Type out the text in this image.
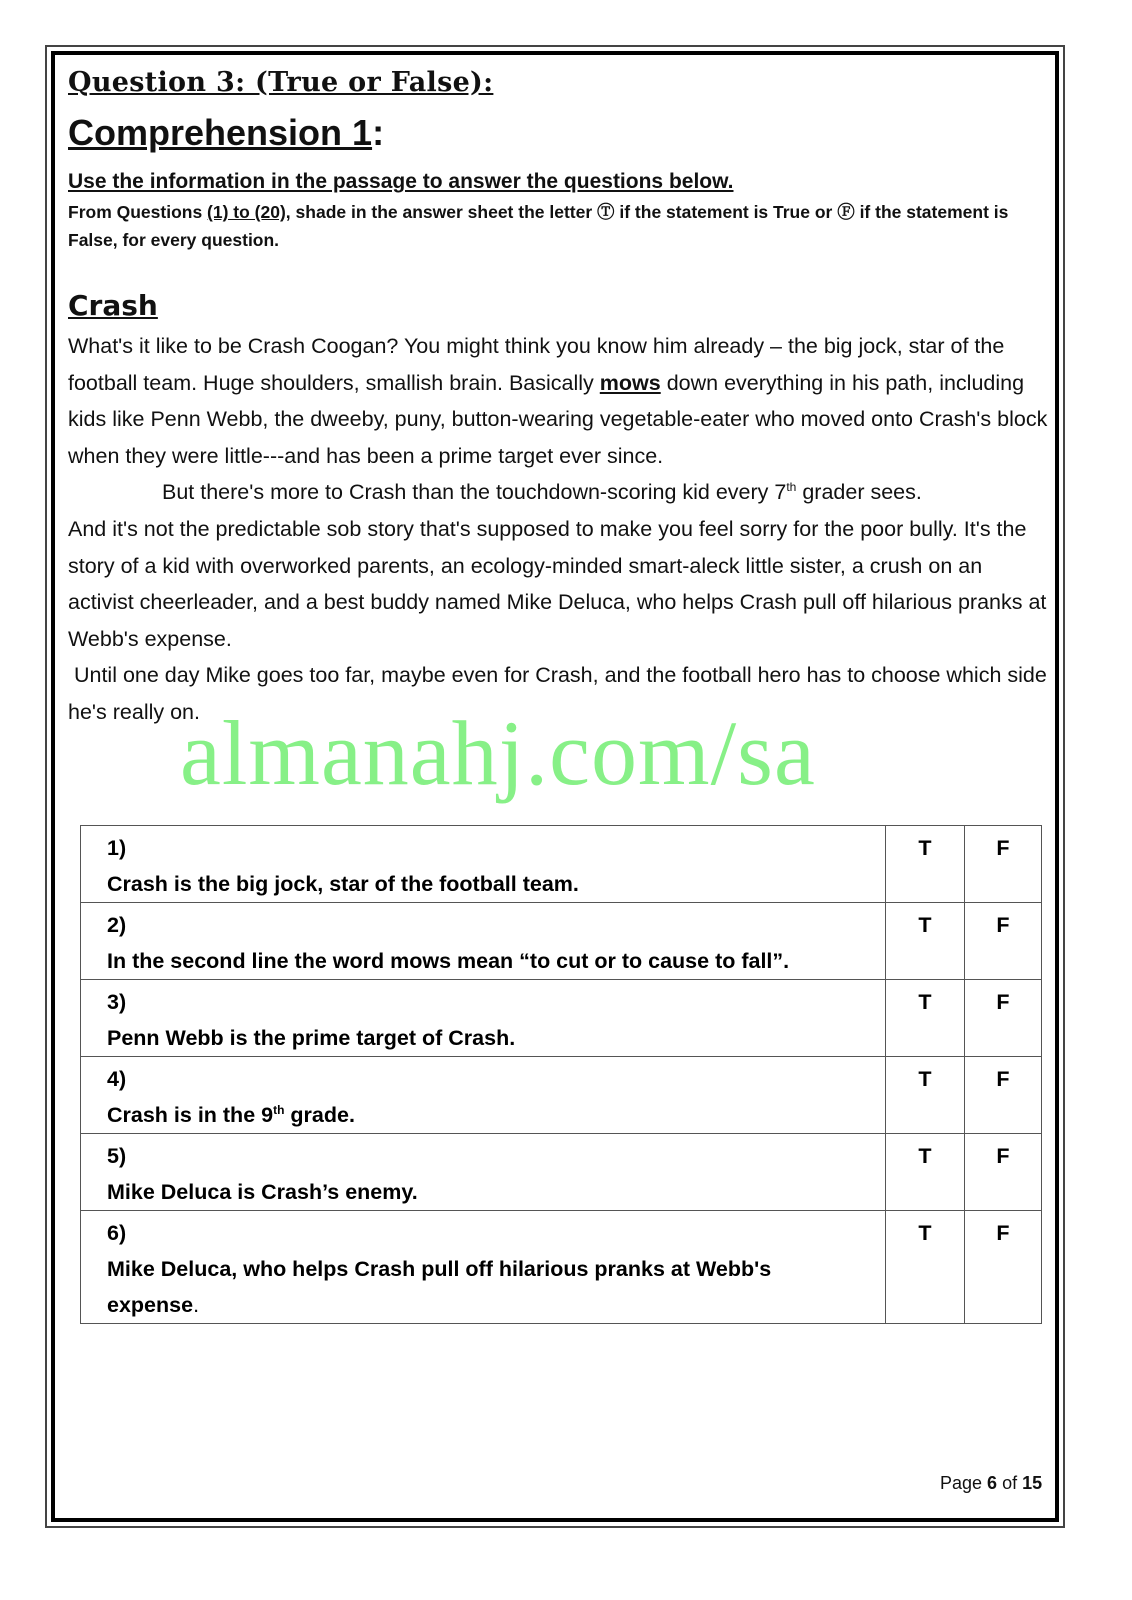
Question 3: (True or False):
Comprehension 1:

Use the information in the passage to answer the questions below.

From Questions (1) to (20), shade in the answer sheet the letter Ⓣ if the statement is True or Ⓕ if the statement is False, for every question.

Crash

What's it like to be Crash Coogan? You might think you know him already – the big jock, star of the football team. Huge shoulders, smallish brain. Basically mows down everything in his path, including kids like Penn Webb, the dweeby, puny, button-wearing vegetable-eater who moved onto Crash's block when they were little---and has been a prime target ever since.

But there's more to Crash than the touchdown-scoring kid every 7th grader sees.

And it's not the predictable sob story that's supposed to make you feel sorry for the poor bully. It's the story of a kid with overworked parents, an ecology-minded smart-aleck little sister, a crush on an activist cheerleader, and a best buddy named Mike Deluca, who helps Crash pull off hilarious pranks at Webb's expense.

Until one day Mike goes too far, maybe even for Crash, and the football hero has to choose which side he's really on.

almanahj.com/sa
1)Crash is the big jock, star of the football team.	T	F
2)In the second line the word mows mean “to cut or to cause to fall”.	T	F
3)Penn Webb is the prime target of Crash.	T	F
4)Crash is in the 9th grade.	T	F
5)Mike Deluca is Crash’s enemy.	T	F
6)Mike Deluca, who helps Crash pull off hilarious pranks at Webb's expense.	T	F
Page 6 of 15
